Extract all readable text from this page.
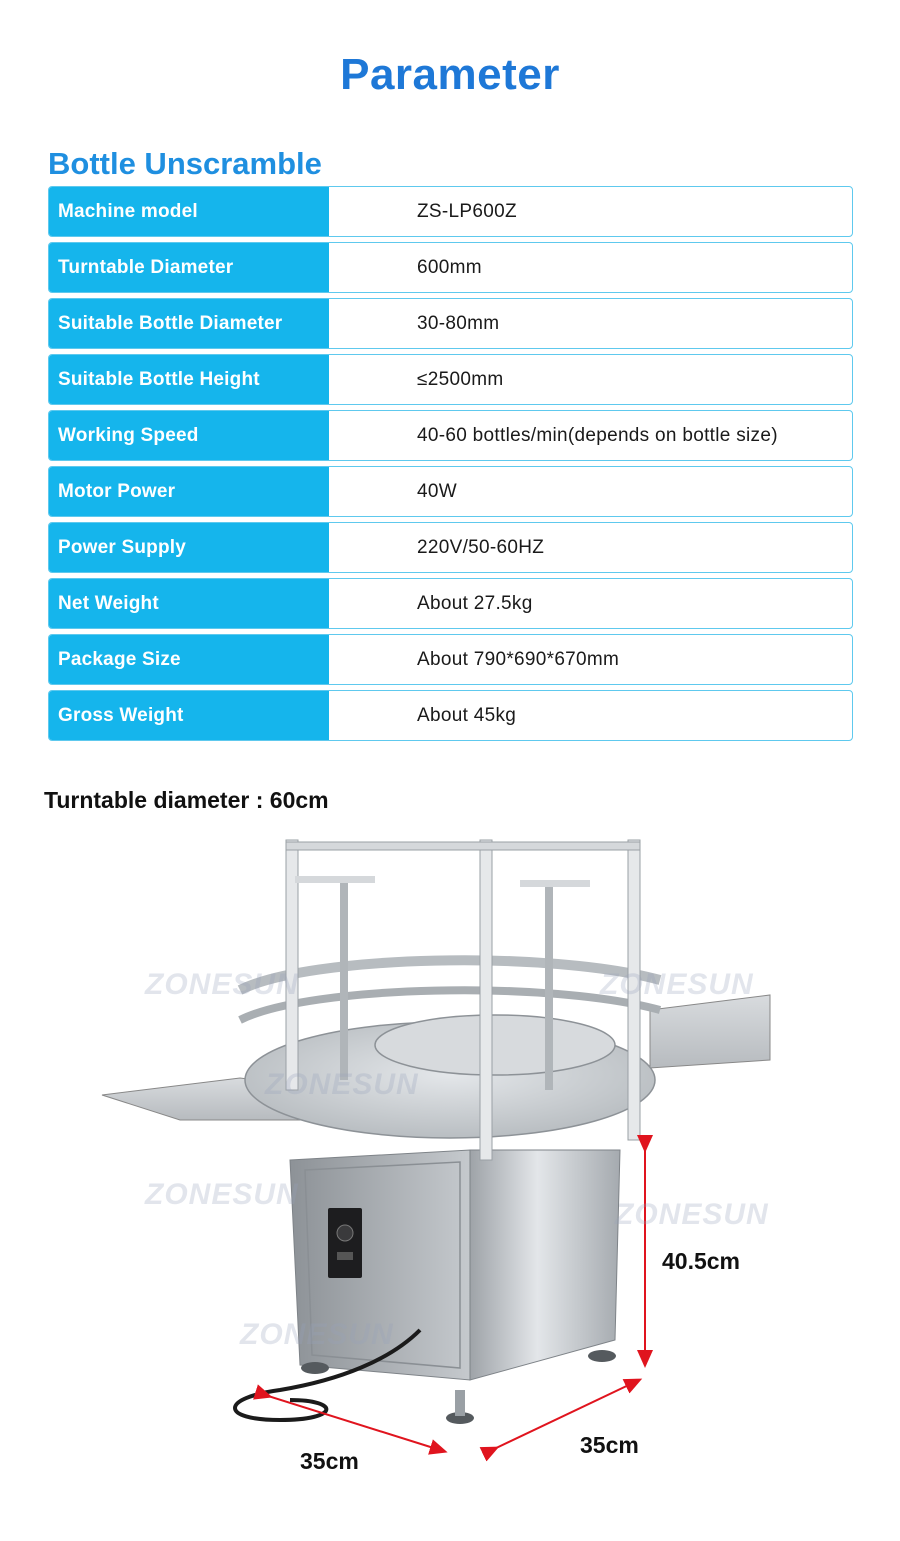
Parameter
Bottle Unscramble
Machine model	ZS-LP600Z
Turntable Diameter	600mm
Suitable Bottle Diameter	30-80mm
Suitable Bottle Height	≤2500mm
Working Speed	40-60 bottles/min(depends on bottle size)
Motor Power	40W
Power Supply	220V/50-60HZ
Net Weight	About 27.5kg
Package Size	About 790*690*670mm
Gross Weight	About 45kg
Turntable diameter : 60cm
ZONESUN	ZONESUN
ZONESUN
ZONESUN
ZONESUN
ZONESUN
40.5cm
35cm
35cm
